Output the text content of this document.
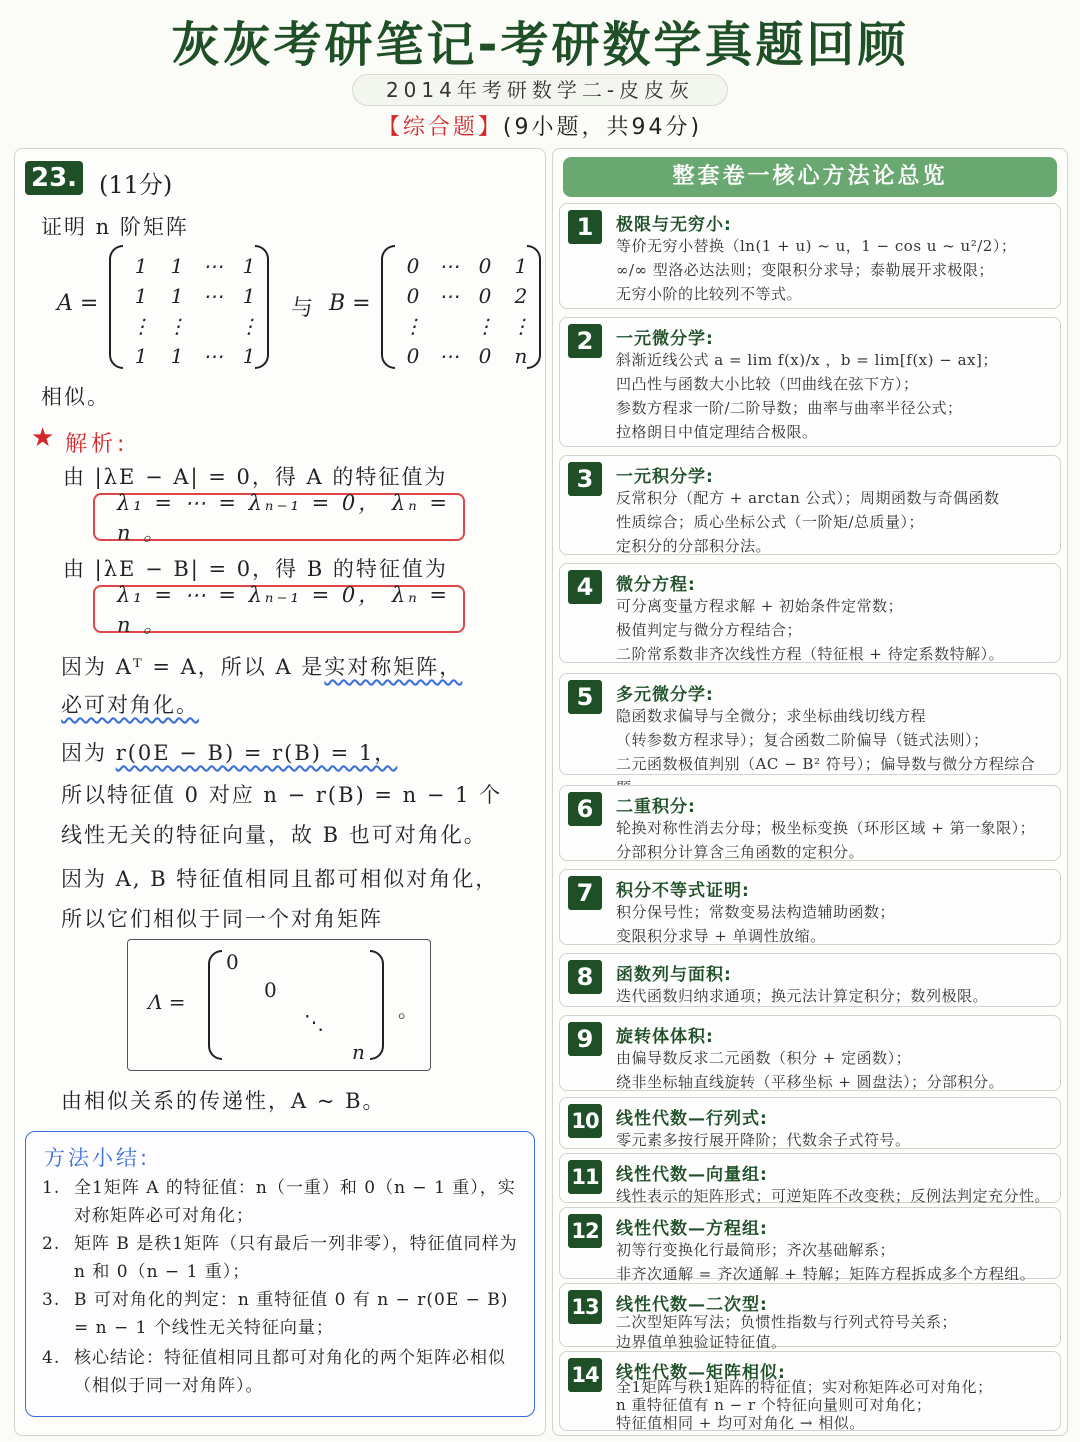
灰灰考研笔记-考研数学真题回顾
2014年考研数学二-皮皮灰
【综合题】(9小题，共94分)
23. (11分)
证明 n 阶矩阵
A =
1	1	⋯	1
1	1	⋯	1
⋮	⋮		⋮
1	1	⋯	1
与 B =
0	⋯	0	1
0	⋯	0	2
⋮		⋮	⋮
0	⋯	0	n
相似。
★ 解析:
由 |λE − A| = 0，得 A 的特征值为
λ₁ = ⋯ = λₙ₋₁ = 0， λₙ = n 。
由 |λE − B| = 0，得 B 的特征值为
λ₁ = ⋯ = λₙ₋₁ = 0， λₙ = n 。
因为 Aᵀ = A，所以 A 是实对称矩阵，
必可对角化。
因为 r(0E − B) = r(B) = 1，
所以特征值 0 对应 n − r(B) = n − 1 个
线性无关的特征向量，故 B 也可对角化。
因为 A, B 特征值相同且都可相似对角化，
所以它们相似于同一个对角矩阵
Λ =
0
0
⋱
n
。
由相似关系的传递性，A ~ B。
方法小结:
1. 全1矩阵 A 的特征值：n（一重）和 0（n − 1 重），实对称矩阵必可对角化；
2. 矩阵 B 是秩1矩阵（只有最后一列非零），特征值同样为 n 和 0（n − 1 重）；
3. B 可对角化的判定：n 重特征值 0 有 n − r(0E − B) = n − 1 个线性无关特征向量；
4. 核心结论：特征值相同且都可对角化的两个矩阵必相似（相似于同一对角阵）。
整套卷一核心方法论总览
1	极限与无穷小:
等价无穷小替换（ln(1 + u) ~ u，1 − cos u ~ u²/2）；
∞/∞ 型洛必达法则；变限积分求导；泰勒展开求极限；
无穷小阶的比较列不等式。
2	一元微分学:
斜渐近线公式 a = lim f(x)/x ，b = lim[f(x) − ax]；
凹凸性与函数大小比较（凹曲线在弦下方）；
参数方程求一阶/二阶导数；曲率与曲率半径公式；
拉格朗日中值定理结合极限。
3	一元积分学:
反常积分（配方 + arctan 公式）；周期函数与奇偶函数
性质综合；质心坐标公式（一阶矩/总质量）；
定积分的分部积分法。
4	微分方程:
可分离变量方程求解 + 初始条件定常数；
极值判定与微分方程结合；
二阶常系数非齐次线性方程（特征根 + 待定系数特解）。
5	多元微分学:
隐函数求偏导与全微分；求坐标曲线切线方程
（转参数方程求导）；复合函数二阶偏导（链式法则）；
二元函数极值判别（AC − B² 符号）；偏导数与微分方程综合
6	二重积分:
轮换对称性消去分母；极坐标变换（环形区域 + 第一象限）；
分部积分计算含三角函数的定积分。
7	积分不等式证明:
积分保号性；常数变易法构造辅助函数；
变限积分求导 + 单调性放缩。
8	函数列与面积:
迭代函数归纳求通项；换元法计算定积分；数列极限。
9	旋转体体积:
由偏导数反求二元函数（积分 + 定函数）；
绕非坐标轴直线旋转（平移坐标 + 圆盘法）；分部积分。
10 线性代数—行列式:
零元素多按行展开降阶；代数余子式符号。
11 线性代数—向量组:
线性表示的矩阵形式；可逆矩阵不改变秩；反例法判定充分性。
12 线性代数—方程组:
初等行变换化行最简形；齐次基础解系；
非齐次通解 = 齐次通解 + 特解；矩阵方程拆成多个方程组。
13 线性代数—二次型:
二次型矩阵写法；负惯性指数与行列式符号关系；
边界值单独验证特征值。
14 线性代数—矩阵相似:
全1矩阵与秩1矩阵的特征值；实对称矩阵必可对角化；
n 重特征值有 n − r 个特征向量则可对角化；
特征值相同 + 均可对角化 → 相似。
